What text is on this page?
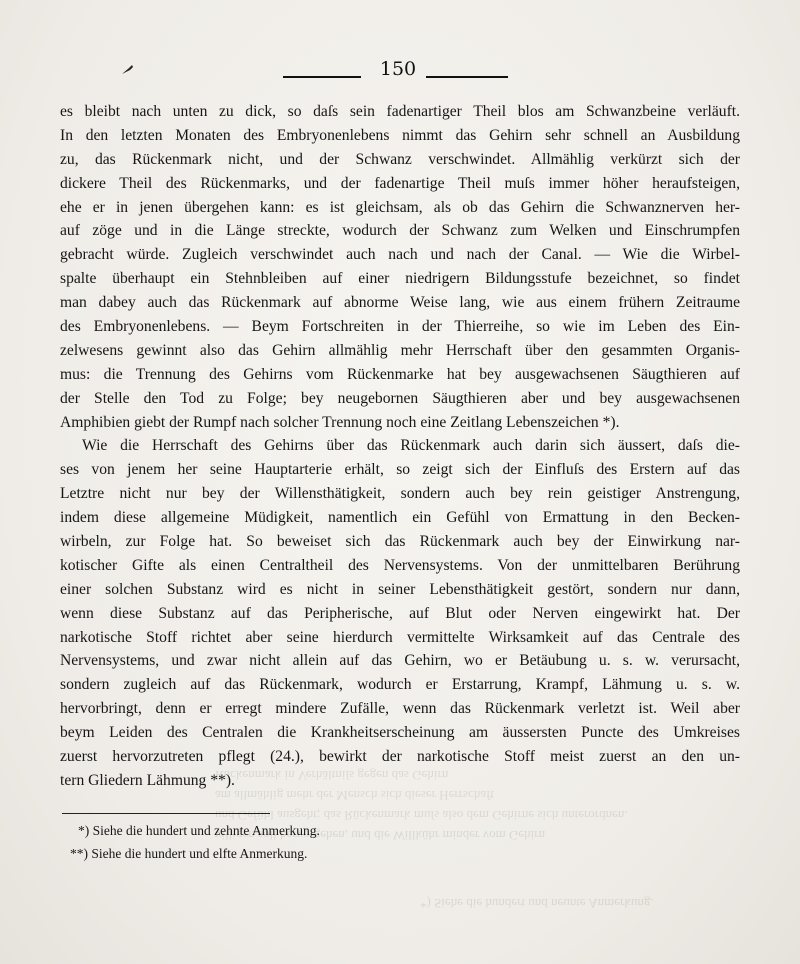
150
es bleibt nach unten zu dick, so daſs sein fadenartiger Theil blos am Schwanzbeine verläuft.
In den letzten Monaten des Embryonenlebens nimmt das Gehirn sehr schnell an Ausbildung
zu, das Rückenmark nicht, und der Schwanz verschwindet. Allmählig verkürzt sich der
dickere Theil des Rückenmarks, und der fadenartige Theil muſs immer höher heraufsteigen,
ehe er in jenen übergehen kann: es ist gleichsam, als ob das Gehirn die Schwanznerven her-
auf zöge und in die Länge streckte, wodurch der Schwanz zum Welken und Einschrumpfen
gebracht würde. Zugleich verschwindet auch nach und nach der Canal. — Wie die Wirbel-
spalte überhaupt ein Stehnbleiben auf einer niedrigern Bildungsstufe bezeichnet, so findet
man dabey auch das Rückenmark auf abnorme Weise lang, wie aus einem frühern Zeitraume
des Embryonenlebens. — Beym Fortschreiten in der Thierreihe, so wie im Leben des Ein-
zelwesens gewinnt also das Gehirn allmählig mehr Herrschaft über den gesammten Organis-
mus: die Trennung des Gehirns vom Rückenmarke hat bey ausgewachsenen Säugthieren auf
der Stelle den Tod zu Folge; bey neugebornen Säugthieren aber und bey ausgewachsenen
Amphibien giebt der Rumpf nach solcher Trennung noch eine Zeitlang Lebenszeichen *).
Wie die Herrschaft des Gehirns über das Rückenmark auch darin sich äussert, daſs die-
ses von jenem her seine Hauptarterie erhält, so zeigt sich der Einfluſs des Erstern auf das
Letztre nicht nur bey der Willensthätigkeit, sondern auch bey rein geistiger Anstrengung,
indem diese allgemeine Müdigkeit, namentlich ein Gefühl von Ermattung in den Becken-
wirbeln, zur Folge hat. So beweiset sich das Rückenmark auch bey der Einwirkung nar-
kotischer Gifte als einen Centraltheil des Nervensystems. Von der unmittelbaren Berührung
einer solchen Substanz wird es nicht in seiner Lebensthätigkeit gestört, sondern nur dann,
wenn diese Substanz auf das Peripherische, auf Blut oder Nerven eingewirkt hat. Der
narkotische Stoff richtet aber seine hierdurch vermittelte Wirksamkeit auf das Centrale des
Nervensystems, und zwar nicht allein auf das Gehirn, wo er Betäubung u. s. w. verursacht,
sondern zugleich auf das Rückenmark, wodurch er Erstarrung, Krampf, Lähmung u. s. w.
hervorbringt, denn er erregt mindere Zufälle, wenn das Rückenmark verletzt ist. Weil aber
beym Leiden des Centralen die Krankheitserscheinung am äussersten Puncte des Umkreises
zuerst hervorzutreten pflegt (24.), bewirkt der narkotische Stoff meist zuerst an den un-
tern Gliedern Lähmung **).
*) Siehe die hundert und zehnte Anmerkung.
**) Siehe die hundert und elfte Anmerkung.
villigen soll hervorgehen, und die Willkühr minder vom Gehirn
und Gefühl ausgeht; das Rückenmark muſs also dem Gehirne sich unterordnen.
am allmählig mehr der Mensch sich dieser Herrschaft
Rückenmark in Verhältniſs gegen das Gehirn
*) Siehe die hundert und neunte Anmerkung.
